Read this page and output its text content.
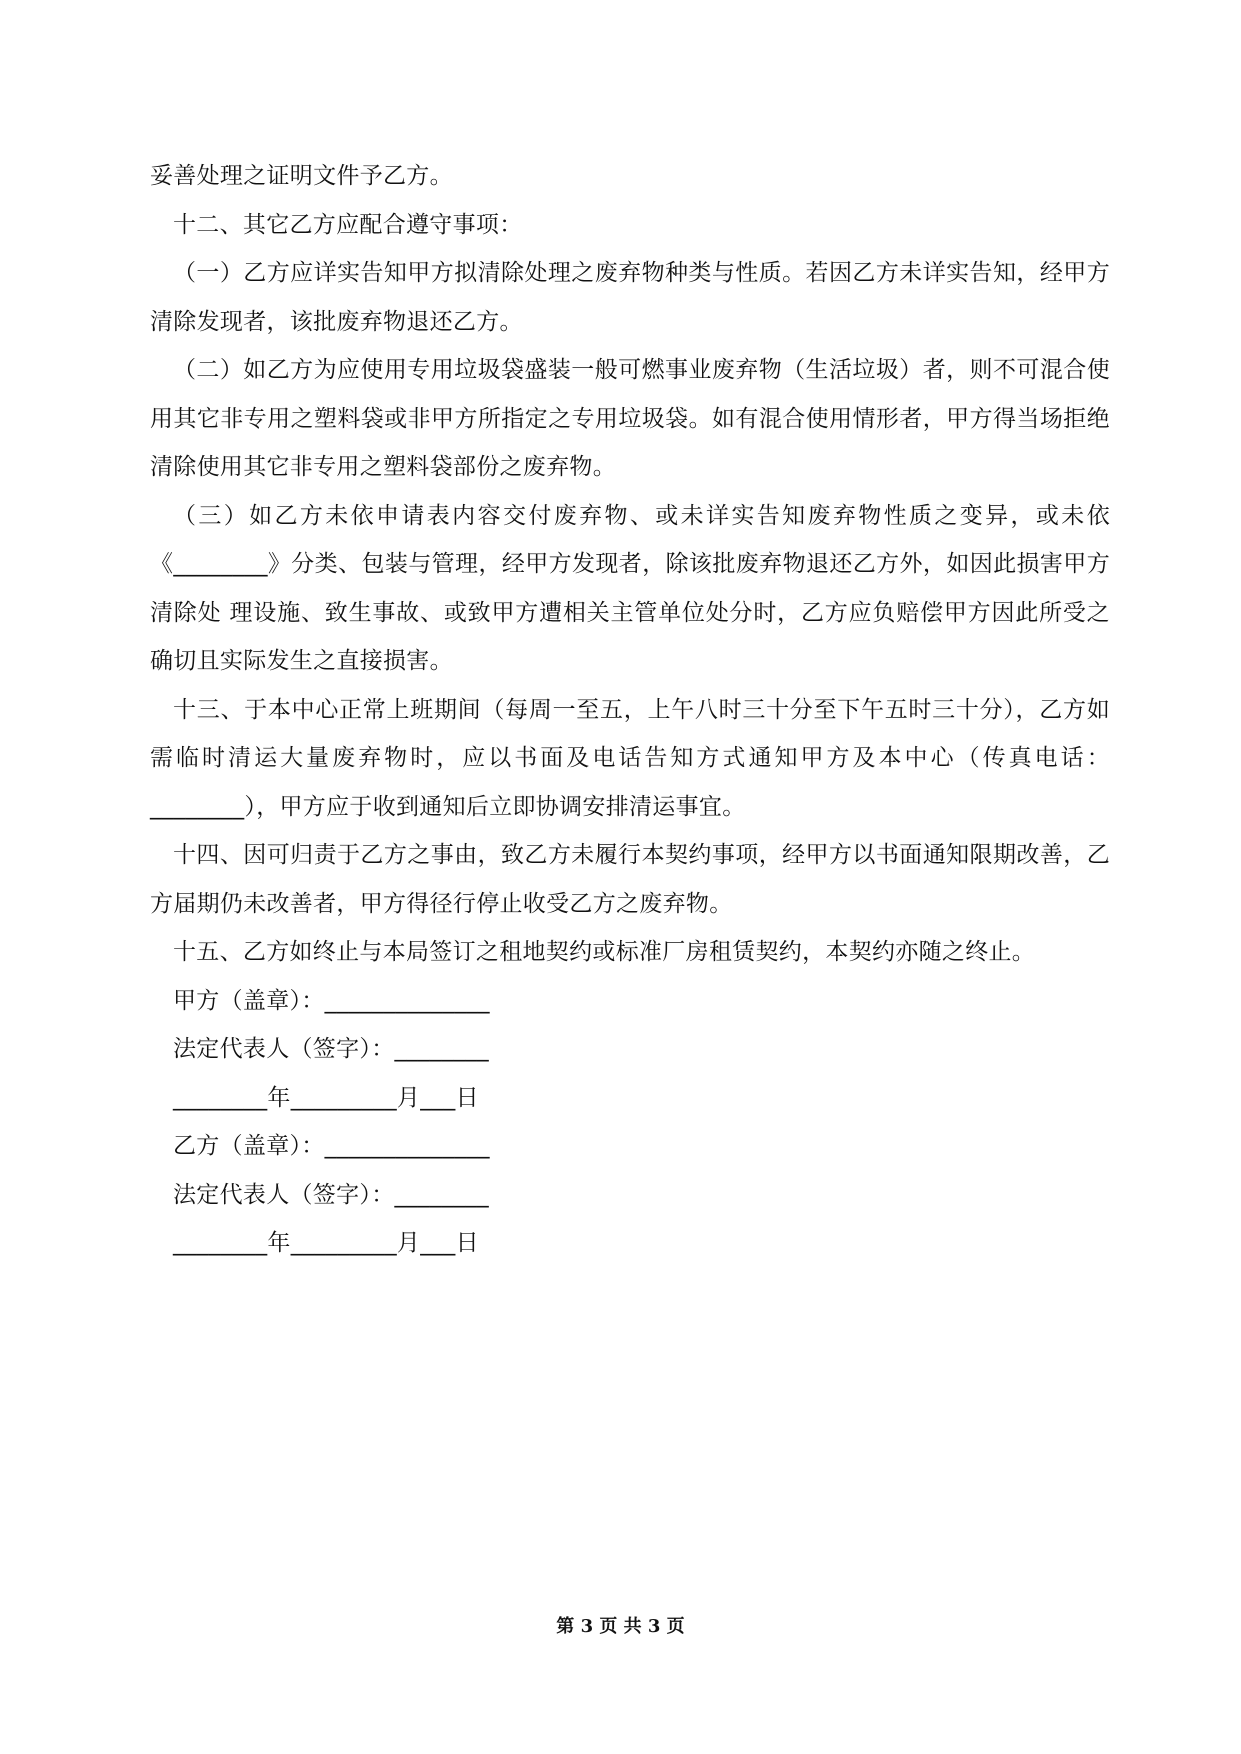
妥善处理之证明文件予乙方。

十二、其它乙方应配合遵守事项：

（一）乙方应详实告知甲方拟清除处理之废弃物种类与性质。若因乙方未详实告知，经甲方清除发现者，该批废弃物退还乙方。

（二）如乙方为应使用专用垃圾袋盛装一般可燃事业废弃物（生活垃圾）者，则不可混合使用其它非专用之塑料袋或非甲方所指定之专用垃圾袋。如有混合使用情形者，甲方得当场拒绝清除使用其它非专用之塑料袋部份之废弃物。

（三）如乙方未依申请表内容交付废弃物、或未详实告知废弃物性质之变异，或未依《________》分类、包装与管理，经甲方发现者，除该批废弃物退还乙方外，如因此损害甲方清除处 理设施、致生事故、或致甲方遭相关主管单位处分时，乙方应负赔偿甲方因此所受之确切且实际发生之直接损害。

十三、于本中心正常上班期间（每周一至五，上午八时三十分至下午五时三十分），乙方如需临时清运大量废弃物时，应以书面及电话告知方式通知甲方及本中心（传真电话：________），甲方应于收到通知后立即协调安排清运事宜。

十四、因可归责于乙方之事由，致乙方未履行本契约事项，经甲方以书面通知限期改善，乙方届期仍未改善者，甲方得径行停止收受乙方之废弃物。

十五、乙方如终止与本局签订之租地契约或标准厂房租赁契约，本契约亦随之终止。

甲方（盖章）：______________

法定代表人（签字）：________

________年_________月___日

乙方（盖章）：______________

法定代表人（签字）：________

________年_________月___日

第 3 页 共 3 页
